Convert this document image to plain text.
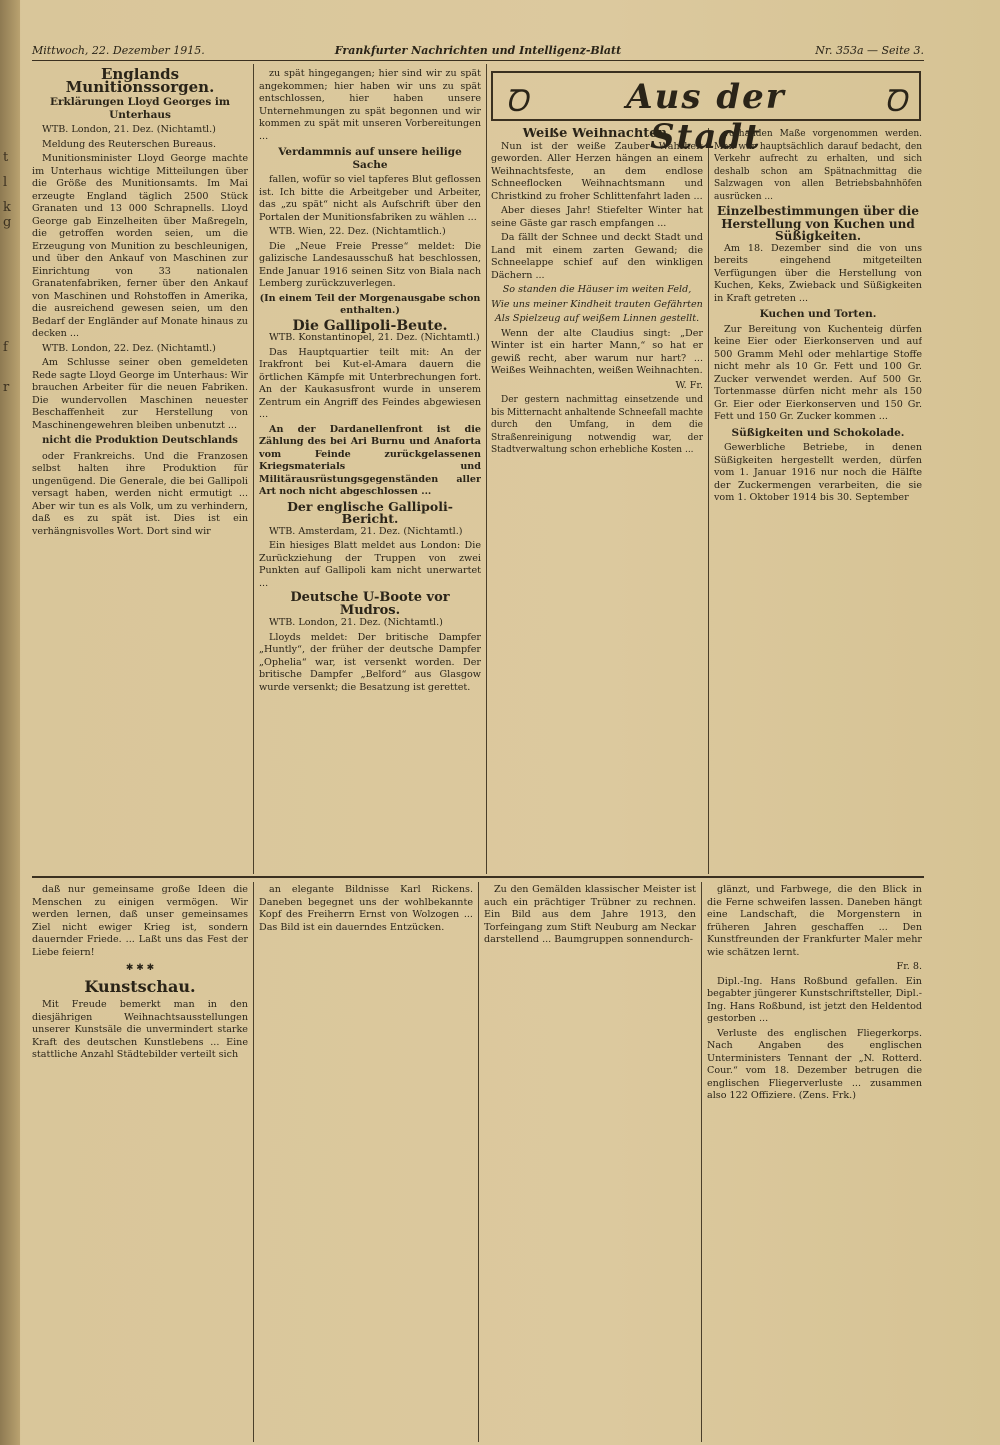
t
l
k
g
f
r
Mittwoch, 22. Dezember 1915.	Frankfurter Nachrichten und Intelligenz-Blatt	Nr. 353a — Seite 3.
Englands Munitionssorgen.
Erklärungen Lloyd Georges im Unterhaus

WTB. London, 21. Dez. (Nichtamtl.)

Meldung des Reuterschen Bureaus.

Munitionsminister Lloyd George machte im Unterhaus wichtige Mitteilungen über die Größe des Munitionsamts. Im Mai erzeugte England täglich 2500 Stück Granaten und 13 000 Schrapnells. Lloyd George gab Einzelheiten über Maßregeln, die getroffen worden seien, um die Erzeugung von Munition zu beschleunigen, und über den Ankauf von Maschinen zur Einrichtung von 33 nationalen Granatenfabriken, ferner über den Ankauf von Maschinen und Rohstoffen in Amerika, die ausreichend gewesen seien, um den Bedarf der Engländer auf Monate hinaus zu decken ...

WTB. London, 22. Dez. (Nichtamtl.)

Am Schlusse seiner oben gemeldeten Rede sagte Lloyd George im Unterhaus: Wir brauchen Arbeiter für die neuen Fabriken. Die wundervollen Maschinen neuester Beschaffenheit zur Herstellung von Maschinengewehren bleiben unbenutzt ...

nicht die Produktion Deutschlands

oder Frankreichs. Und die Franzosen selbst halten ihre Produktion für ungenügend. Die Generale, die bei Gallipoli versagt haben, werden nicht ermutigt ... Aber wir tun es als Volk, um zu verhindern, daß es zu spät ist. Dies ist ein verhängnisvolles Wort. Dort sind wir

zu spät hingegangen; hier sind wir zu spät angekommen; hier haben wir uns zu spät entschlossen, hier haben unsere Unternehmungen zu spät begonnen und wir kommen zu spät mit unseren Vorbereitungen ...

Verdammnis auf unsere heilige Sache

fallen, wofür so viel tapferes Blut geflossen ist. Ich bitte die Arbeitgeber und Arbeiter, das „zu spät“ nicht als Aufschrift über den Portalen der Munitionsfabriken zu wählen ...

WTB. Wien, 22. Dez. (Nichtamtlich.)

Die „Neue Freie Presse“ meldet: Die galizische Landesausschuß hat beschlossen, Ende Januar 1916 seinen Sitz von Biala nach Lemberg zurückzuverlegen.

(In einem Teil der Morgenausgabe schon enthalten.)

Die Gallipoli-Beute.

WTB. Konstantinopel, 21. Dez. (Nichtamtl.)

Das Hauptquartier teilt mit: An der Irakfront bei Kut-el-Amara dauern die örtlichen Kämpfe mit Unterbrechungen fort. An der Kaukasusfront wurde in unserem Zentrum ein Angriff des Feindes abgewiesen ...

An der Dardanellenfront ist die Zählung des bei Ari Burnu und Anaforta vom Feinde zurückgelassenen Kriegsmaterials und Militärausrüstungsgegenständen aller Art noch nicht abgeschlossen ...

Der englische Gallipoli-Bericht.

WTB. Amsterdam, 21. Dez. (Nichtamtl.)

Ein hiesiges Blatt meldet aus London: Die Zurückziehung der Truppen von zwei Punkten auf Gallipoli kam nicht unerwartet ...

Deutsche U-Boote vor Mudros.

WTB. London, 21. Dez. (Nichtamtl.)

Lloyds meldet: Der britische Dampfer „Huntly“, der früher der deutsche Dampfer „Ophelia“ war, ist versenkt worden. Der britische Dampfer „Belford“ aus Glasgow wurde versenkt; die Besatzung ist gerettet.

Ꝺ	Aus der Stadt
Ꝺ
Weiße Weihnachten.

Nun ist der weiße Zauber Wahrheit geworden. Aller Herzen hängen an einem Weihnachtsfeste, an dem endlose Schneeflocken Weihnachtsmann und Christkind zu froher Schlittenfahrt laden ...

Aber dieses Jahr! Stiefelter Winter hat seine Gäste gar rasch empfangen ...

Da fällt der Schnee und deckt Stadt und Land mit einem zarten Gewand; die Schneelappe schief auf den winkligen Dächern ...

So standen die Häuser im weiten Feld,

Wie uns meiner Kindheit trauten Gefährten

Als Spielzeug auf weißem Linnen gestellt.

Wenn der alte Claudius singt: „Der Winter ist ein harter Mann,“ so hat er gewiß recht, aber warum nur hart? ... Weißes Weihnachten, weißen Weihnachten.

W. Fr.

Der gestern nachmittag einsetzende und bis Mitternacht anhaltende Schneefall machte durch den Umfang, in dem die Straßenreinigung notwendig war, der Stadtverwaltung schon erhebliche Kosten ...

vorhanden Maße vorgenommen werden. Man war hauptsächlich darauf bedacht, den Verkehr aufrecht zu erhalten, und sich deshalb schon am Spätnachmittag die Salzwagen von allen Betriebsbahnhöfen ausrücken ...

Einzelbestimmungen über die Herstellung von Kuchen und Süßigkeiten.

Am 18. Dezember sind die von uns bereits eingehend mitgeteilten Verfügungen über die Herstellung von Kuchen, Keks, Zwieback und Süßigkeiten in Kraft getreten ...

Kuchen und Torten.

Zur Bereitung von Kuchenteig dürfen keine Eier oder Eierkonserven und auf 500 Gramm Mehl oder mehlartige Stoffe nicht mehr als 10 Gr. Fett und 100 Gr. Zucker verwendet werden. Auf 500 Gr. Tortenmasse dürfen nicht mehr als 150 Gr. Eier oder Eierkonserven und 150 Gr. Fett und 150 Gr. Zucker kommen ...

Süßigkeiten und Schokolade.

Gewerbliche Betriebe, in denen Süßigkeiten hergestellt werden, dürfen vom 1. Januar 1916 nur noch die Hälfte der Zuckermengen verarbeiten, die sie vom 1. Oktober 1914 bis 30. September

daß nur gemeinsame große Ideen die Menschen zu einigen vermögen. Wir werden lernen, daß unser gemeinsames Ziel nicht ewiger Krieg ist, sondern dauernder Friede. ... Laßt uns das Fest der Liebe feiern!

✱ ✱ ✱
Kunstschau.

Mit Freude bemerkt man in den diesjährigen Weihnachtsausstellungen unserer Kunstsäle die unvermindert starke Kraft des deutschen Kunstlebens ... Eine stattliche Anzahl Städtebilder verteilt sich

an elegante Bildnisse Karl Rickens. Daneben begegnet uns der wohlbekannte Kopf des Freiherrn Ernst von Wolzogen ... Das Bild ist ein dauerndes Entzücken.

Zu den Gemälden klassischer Meister ist auch ein prächtiger Trübner zu rechnen. Ein Bild aus dem Jahre 1913, den Torfeingang zum Stift Neuburg am Neckar darstellend ... Baumgruppen sonnendurch-

glänzt, und Farbwege, die den Blick in die Ferne schweifen lassen. Daneben hängt eine Landschaft, die Morgenstern in früheren Jahren geschaffen ... Den Kunstfreunden der Frankfurter Maler mehr wie schätzen lernt.

Fr. 8.

Dipl.-Ing. Hans Roßbund gefallen. Ein begabter jüngerer Kunstschriftsteller, Dipl.-Ing. Hans Roßbund, ist jetzt den Heldentod gestorben ...

Verluste des englischen Fliegerkorps. Nach Angaben des englischen Unterministers Tennant der „N. Rotterd. Cour.“ vom 18. Dezember betrugen die englischen Fliegerverluste ... zusammen also 122 Offiziere. (Zens. Frk.)
